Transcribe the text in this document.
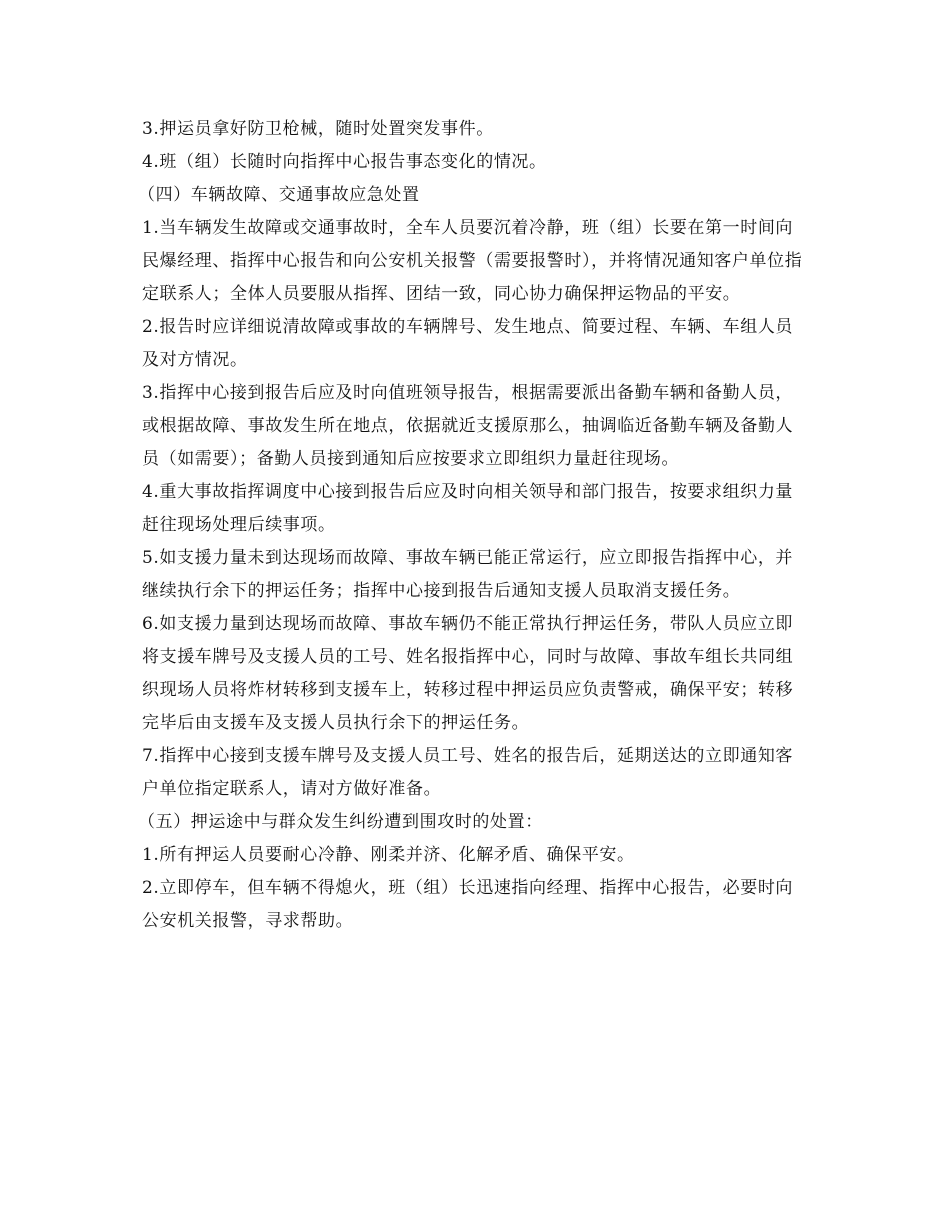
3.押运员拿好防卫枪械，随时处置突发事件。

4.班（组）长随时向指挥中心报告事态变化的情况。

（四）车辆故障、交通事故应急处置

1.当车辆发生故障或交通事故时，全车人员要沉着冷静，班（组）长要在第一时间向民爆经理、指挥中心报告和向公安机关报警（需要报警时），并将情况通知客户单位指定联系人；全体人员要服从指挥、团结一致，同心协力确保押运物品的平安。

2.报告时应详细说清故障或事故的车辆牌号、发生地点、简要过程、车辆、车组人员及对方情况。

3.指挥中心接到报告后应及时向值班领导报告，根据需要派出备勤车辆和备勤人员，或根据故障、事故发生所在地点，依据就近支援原那么，抽调临近备勤车辆及备勤人员（如需要）；备勤人员接到通知后应按要求立即组织力量赶往现场。

4.重大事故指挥调度中心接到报告后应及时向相关领导和部门报告，按要求组织力量赶往现场处理后续事项。

5.如支援力量未到达现场而故障、事故车辆已能正常运行，应立即报告指挥中心，并继续执行余下的押运任务；指挥中心接到报告后通知支援人员取消支援任务。

6.如支援力量到达现场而故障、事故车辆仍不能正常执行押运任务，带队人员应立即将支援车牌号及支援人员的工号、姓名报指挥中心，同时与故障、事故车组长共同组织现场人员将炸材转移到支援车上，转移过程中押运员应负责警戒，确保平安；转移完毕后由支援车及支援人员执行余下的押运任务。

7.指挥中心接到支援车牌号及支援人员工号、姓名的报告后，延期送达的立即通知客户单位指定联系人，请对方做好准备。

（五）押运途中与群众发生纠纷遭到围攻时的处置：

1.所有押运人员要耐心冷静、刚柔并济、化解矛盾、确保平安。

2.立即停车，但车辆不得熄火，班（组）长迅速指向经理、指挥中心报告，必要时向公安机关报警，寻求帮助。
